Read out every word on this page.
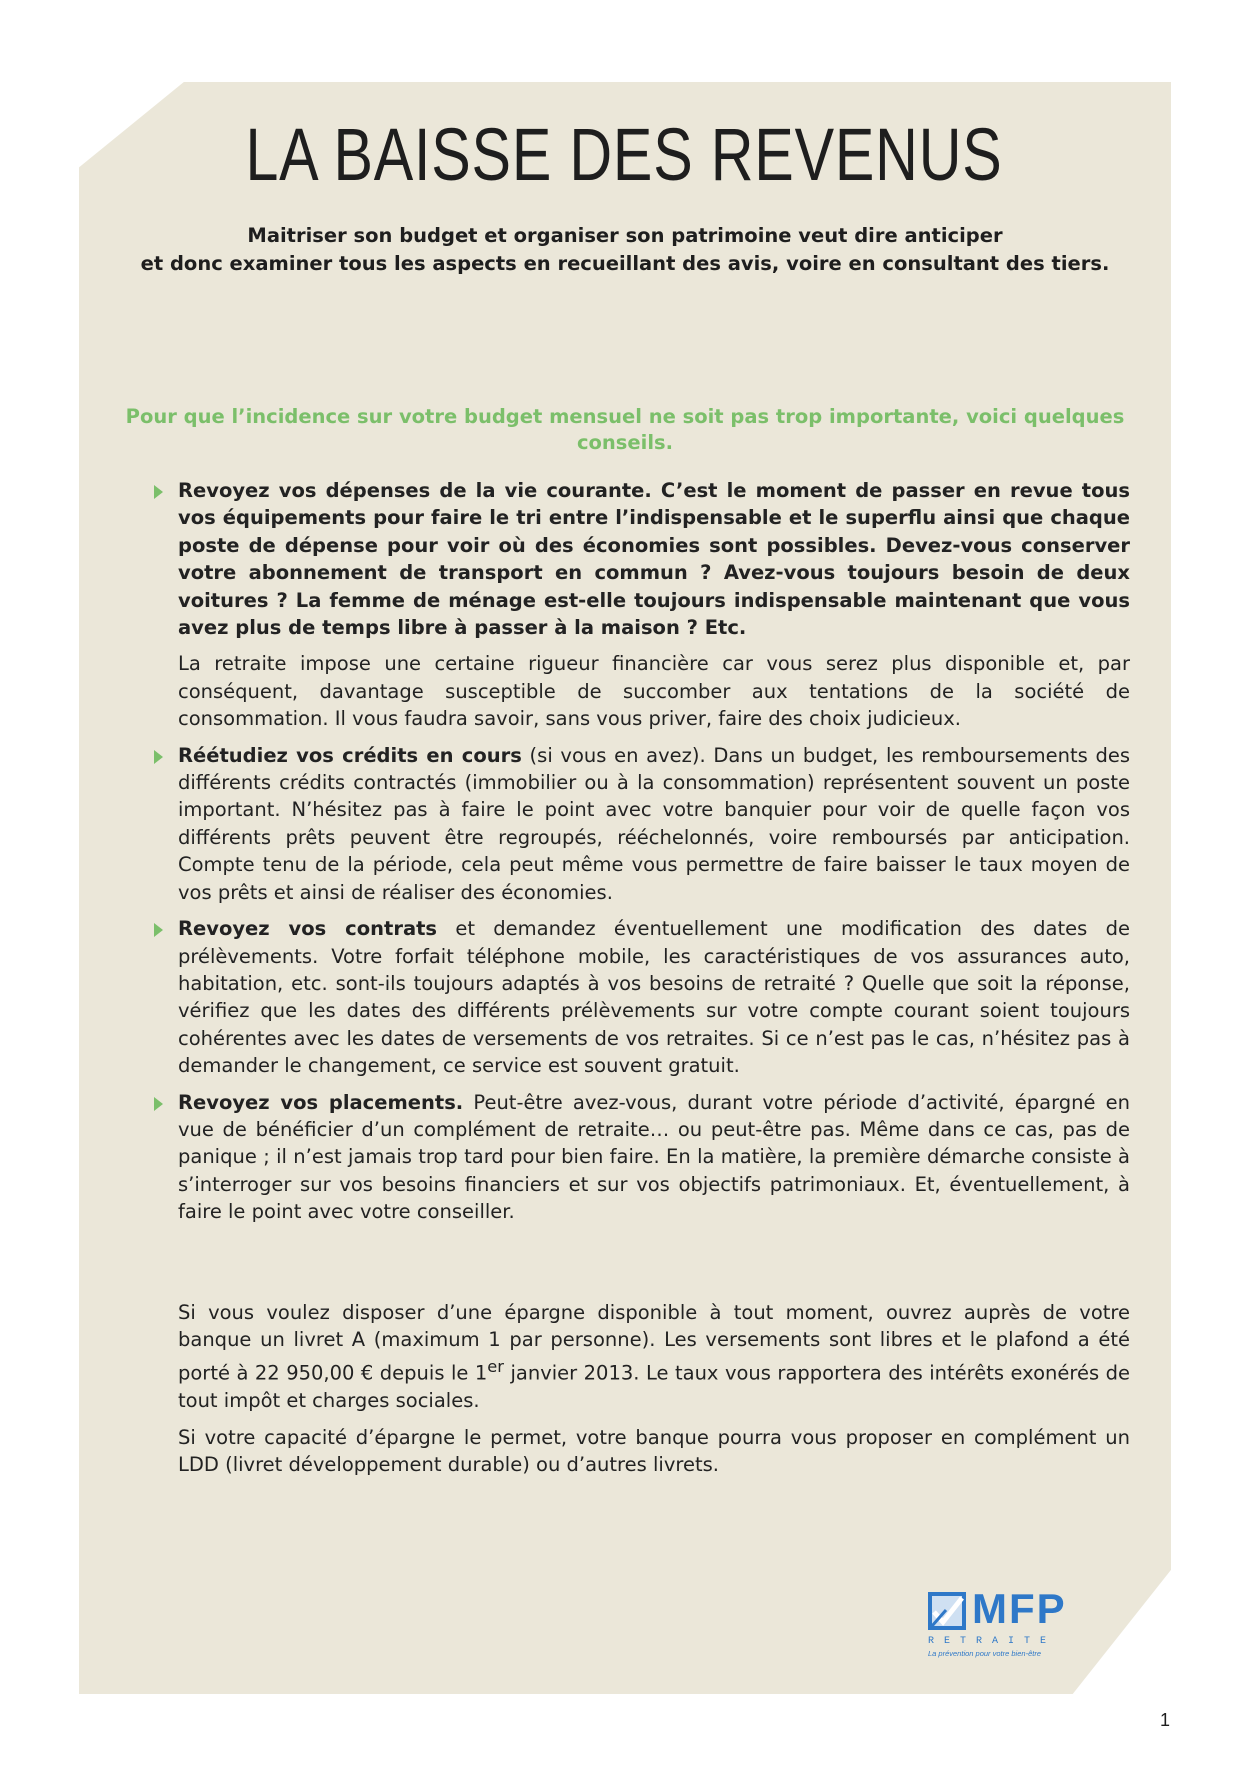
LA BAISSE DES REVENUS
Maitriser son budget et organiser son patrimoine veut dire anticiper
et donc examiner tous les aspects en recueillant des avis, voire en consultant des tiers.

Pour que l’incidence sur votre budget mensuel ne soit pas trop importante, voici quelques conseils.

Revoyez vos dépenses de la vie courante. C’est le moment de passer en revue tous vos équipements pour faire le tri entre l’indispensable et le superflu ainsi que chaque poste de dépense pour voir où des économies sont possibles. Devez-vous conserver votre abonnement de transport en commun ? Avez-vous toujours besoin de deux voitures ? La femme de ménage est-elle toujours indispensable maintenant que vous avez plus de temps libre à passer à la maison ? Etc.

La retraite impose une certaine rigueur financière car vous serez plus disponible et, par conséquent, davantage susceptible de succomber aux tentations de la société de consommation. Il vous faudra savoir, sans vous priver, faire des choix judicieux.

Réétudiez vos crédits en cours (si vous en avez). Dans un budget, les remboursements des différents crédits contractés (immobilier ou à la consommation) représentent souvent un poste important. N’hésitez pas à faire le point avec votre banquier pour voir de quelle façon vos différents prêts peuvent être regroupés, rééchelonnés, voire remboursés par anticipation. Compte tenu de la période, cela peut même vous permettre de faire baisser le taux moyen de vos prêts et ainsi de réaliser des économies.

Revoyez vos contrats et demandez éventuellement une modification des dates de prélèvements. Votre forfait téléphone mobile, les caractéristiques de vos assurances auto, habitation, etc. sont-ils toujours adaptés à vos besoins de retraité ? Quelle que soit la réponse, vérifiez que les dates des différents prélèvements sur votre compte courant soient toujours cohérentes avec les dates de versements de vos retraites. Si ce n’est pas le cas, n’hésitez pas à demander le changement, ce service est souvent gratuit.

Revoyez vos placements. Peut-être avez-vous, durant votre période d’activité, épargné en vue de bénéficier d’un complément de retraite… ou peut-être pas. Même dans ce cas, pas de panique ; il n’est jamais trop tard pour bien faire. En la matière, la première démarche consiste à s’interroger sur vos besoins financiers et sur vos objectifs patrimoniaux. Et, éventuellement, à faire le point avec votre conseiller.

Si vous voulez disposer d’une épargne disponible à tout moment, ouvrez auprès de votre banque un livret A (maximum 1 par personne). Les versements sont libres et le plafond a été porté à 22 950,00 € depuis le 1er janvier 2013. Le taux vous rapportera des intérêts exonérés de tout impôt et charges sociales.

Si votre capacité d’épargne le permet, votre banque pourra vous proposer en complément un LDD (livret développement durable) ou d’autres livrets.

MFP
RETRAITE
La prévention pour votre bien-être
1
